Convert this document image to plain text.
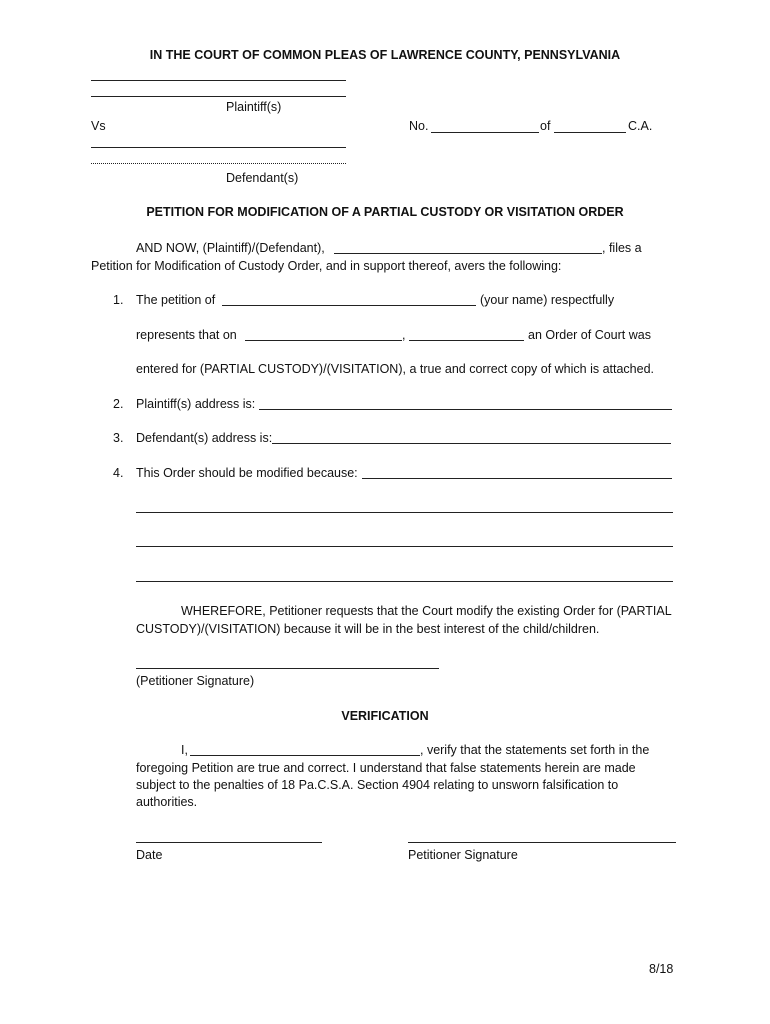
IN THE COURT OF COMMON PLEAS OF LAWRENCE COUNTY, PENNSYLVANIA
Plaintiff(s)
Vs	No.	of	C.A.
Defendant(s)
PETITION FOR MODIFICATION OF A PARTIAL CUSTODY OR VISITATION ORDER
AND NOW, (Plaintiff)/(Defendant),	, files a
Petition for Modification of Custody Order, and in support thereof, avers the following:
1. The petition of	(your name) respectfully
represents that on	,	an Order of Court was
entered for (PARTIAL CUSTODY)/(VISITATION), a true and correct copy of which is attached.
2. Plaintiff(s) address is:
3. Defendant(s) address is:
4. This Order should be modified because:
WHEREFORE, Petitioner requests that the Court modify the existing Order for (PARTIAL
CUSTODY)/(VISITATION) because it will be in the best interest of the child/children.
(Petitioner Signature)
VERIFICATION
I,	, verify that the statements set forth in the
foregoing Petition are true and correct. I understand that false statements herein are made
subject to the penalties of 18 Pa.C.S.A. Section 4904 relating to unsworn falsification to
authorities.
Date	Petitioner Signature
8/18
